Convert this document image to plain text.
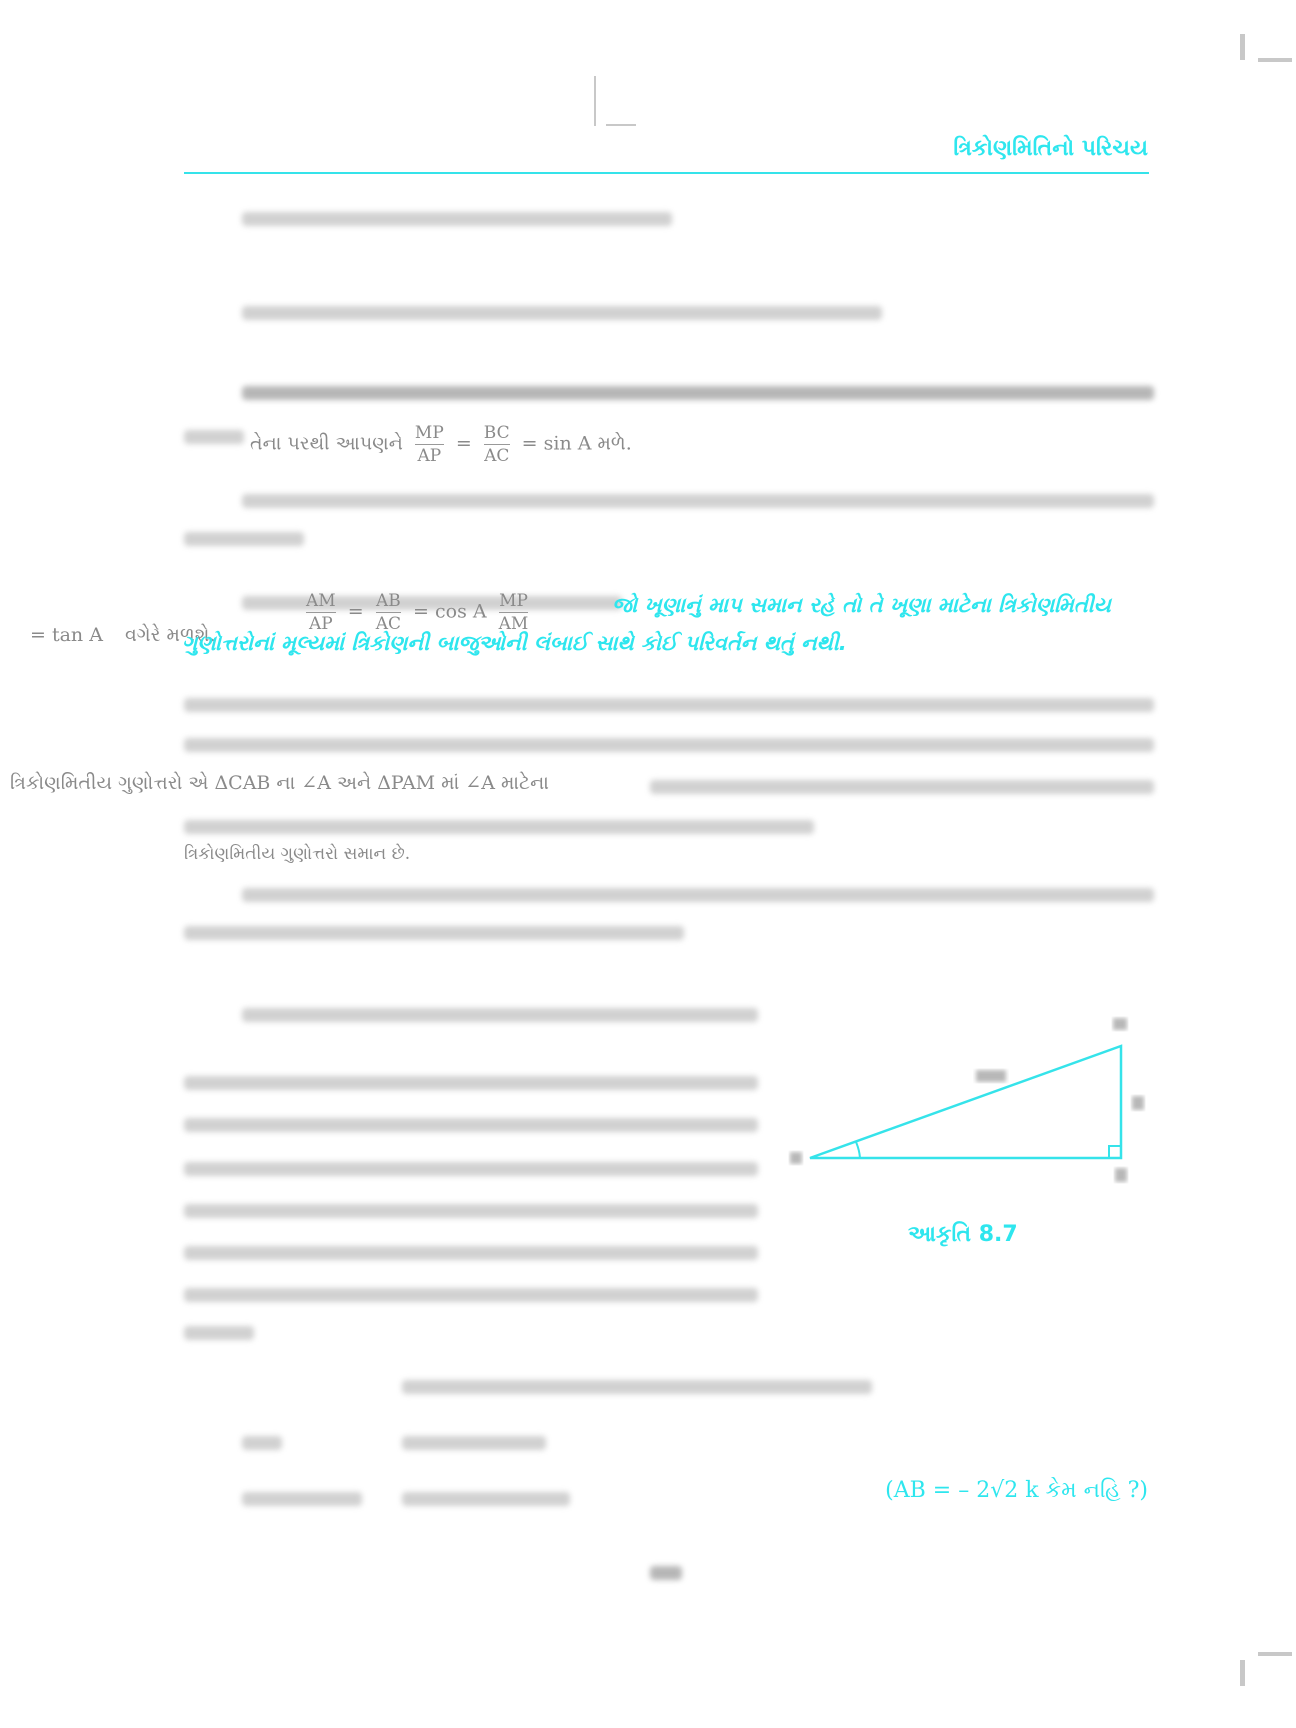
ત્રિકોણમિતિનો પરિચય
તેના પરથી આપણને $\frac{MP}{AP} = \frac{BC}{AC} = \sin A$ મળે.
= tan A વગેરે મળશે.	$\frac{AM}{AP} = \frac{AB}{AC} = \cos A \frac{MP}{AM}$
ત્રિકોણમિતીય ગુણોત્તરો એ ΔCAB ના ∠A અને ΔPAM માં ∠A માટેના
ત્રિકોણમિતીય ગુણોત્તરો સમાન છે.
જો ખૂણાનું માપ સમાન રહે તો તે ખૂણા માટેના ત્રિકોણમિતીય ગુણોત્તરોનાં મૂલ્યમાં ત્રિકોણની બાજુઓની લંબાઈ સાથે કોઈ પરિવર્તન થતું નથી.
આકૃતિ 8.7
(AB = – 2√2 k કેમ નહિ ?)
